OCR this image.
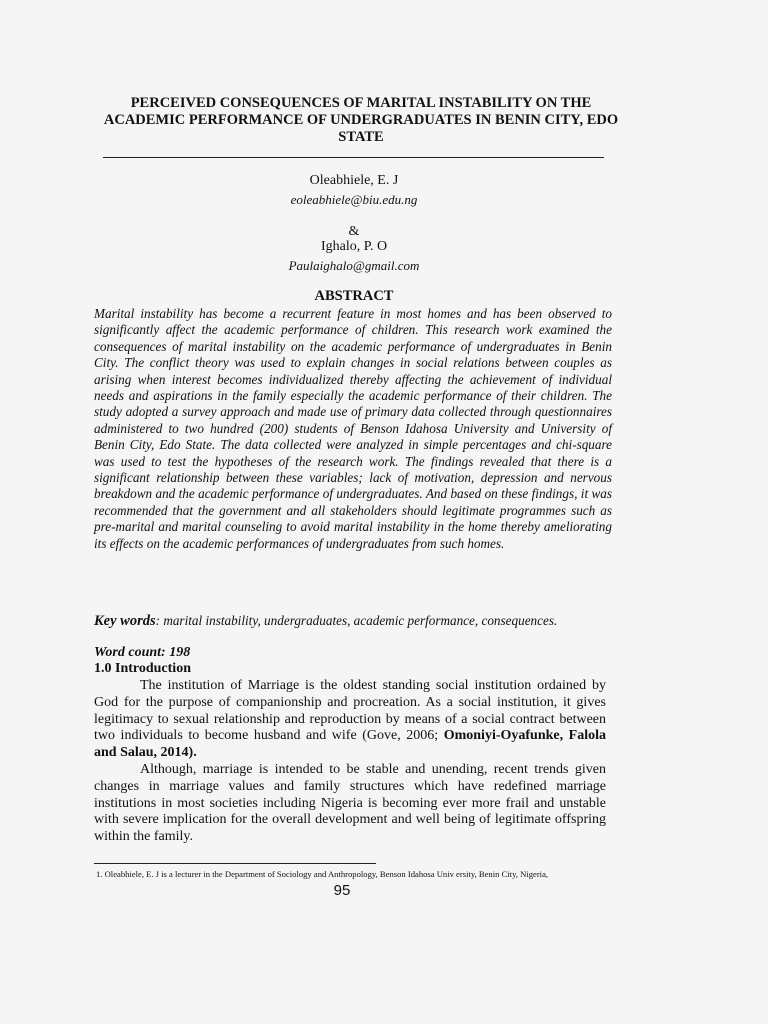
PERCEIVED CONSEQUENCES OF MARITAL INSTABILITY ON THE ACADEMIC PERFORMANCE OF UNDERGRADUATES IN BENIN CITY, EDO STATE
Oleabhiele, E. J
eoleabhiele@biu.edu.ng
&
Ighalo, P. O
Paulaighalo@gmail.com
ABSTRACT
Marital instability has become a recurrent feature in most homes and has been observed to significantly affect the academic performance of children. This research work examined the consequences of marital instability on the academic performance of undergraduates in Benin City. The conflict theory was used to explain changes in social relations between couples as arising when interest becomes individualized thereby affecting the achievement of individual needs and aspirations in the family especially the academic performance of their children. The study adopted a survey approach and made use of primary data collected through questionnaires administered to two hundred (200) students of Benson Idahosa University and University of Benin City, Edo State. The data collected were analyzed in simple percentages and chi-square was used to test the hypotheses of the research work. The findings revealed that there is a significant relationship between these variables; lack of motivation, depression and nervous breakdown and the academic performance of undergraduates. And based on these findings, it was recommended that the government and all stakeholders should legitimate programmes such as pre-marital and marital counseling to avoid marital instability in the home thereby ameliorating its effects on the academic performances of undergraduates from such homes.
Key words: marital instability, undergraduates, academic performance, consequences.
Word count: 198
1.0 Introduction

The institution of Marriage is the oldest standing social institution ordained by God for the purpose of companionship and procreation. As a social institution, it gives legitimacy to sexual relationship and reproduction by means of a social contract between two individuals to become husband and wife (Gove, 2006; Omoniyi-Oyafunke, Falola and Salau, 2014).

Although, marriage is intended to be stable and unending, recent trends given changes in marriage values and family structures which have redefined marriage institutions in most societies including Nigeria is becoming ever more frail and unstable with severe implication for the overall development and well being of legitimate offspring within the family.

1. Oleabhiele, E. J is a lecturer in the Department of Sociology and Anthropology, Benson Idahosa Univ ersity, Benin City, Nigeria,
95
